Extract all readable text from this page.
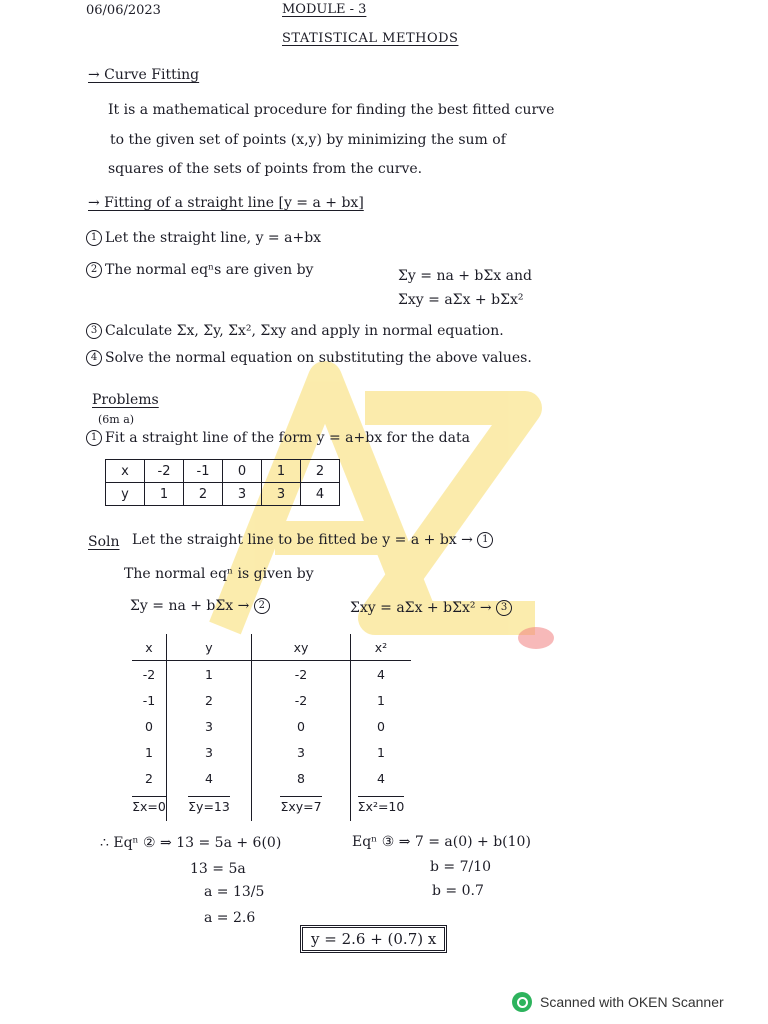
06/06/2023	MODULE - 3
STATISTICAL METHODS
→ Curve Fitting
It is a mathematical procedure for finding the best fitted curve
to the given set of points (x,y) by minimizing the sum of
squares of the sets of points from the curve.
→ Fitting of a straight line [y = a + bx]
1 Let the straight line, y = a+bx
2 The normal eqⁿs are given by	Σy = na + bΣx and
Σxy = aΣx + bΣx²
3 Calculate Σx, Σy, Σx², Σxy and apply in normal equation.
4 Solve the normal equation on substituting the above values.
Problems
(6m a)
1 Fit a straight line of the form y = a+bx for the data
x	-2	-1	0	1	2
y	1	2	3	3	4
Soln Let the straight line to be fitted be y = a + bx → 1
The normal eqⁿ is given by
Σy = na + bΣx → 2	Σxy = aΣx + bΣx² → 3
x	y	xy	x²
-2	1	-2	4
-1	2	-2	1
0	3	0	0
1	3	3	1
2	4	8	4
Σx=0	Σy=13	Σxy=7	Σx²=10
∴ Eqⁿ ② ⇒ 13 = 5a + 6(0)
13 = 5a
a = 13/5
a = 2.6
Eqⁿ ③ ⇒ 7 = a(0) + b(10)
b = 7/10
b = 0.7
y = 2.6 + (0.7) x
Scanned with OKEN Scanner
